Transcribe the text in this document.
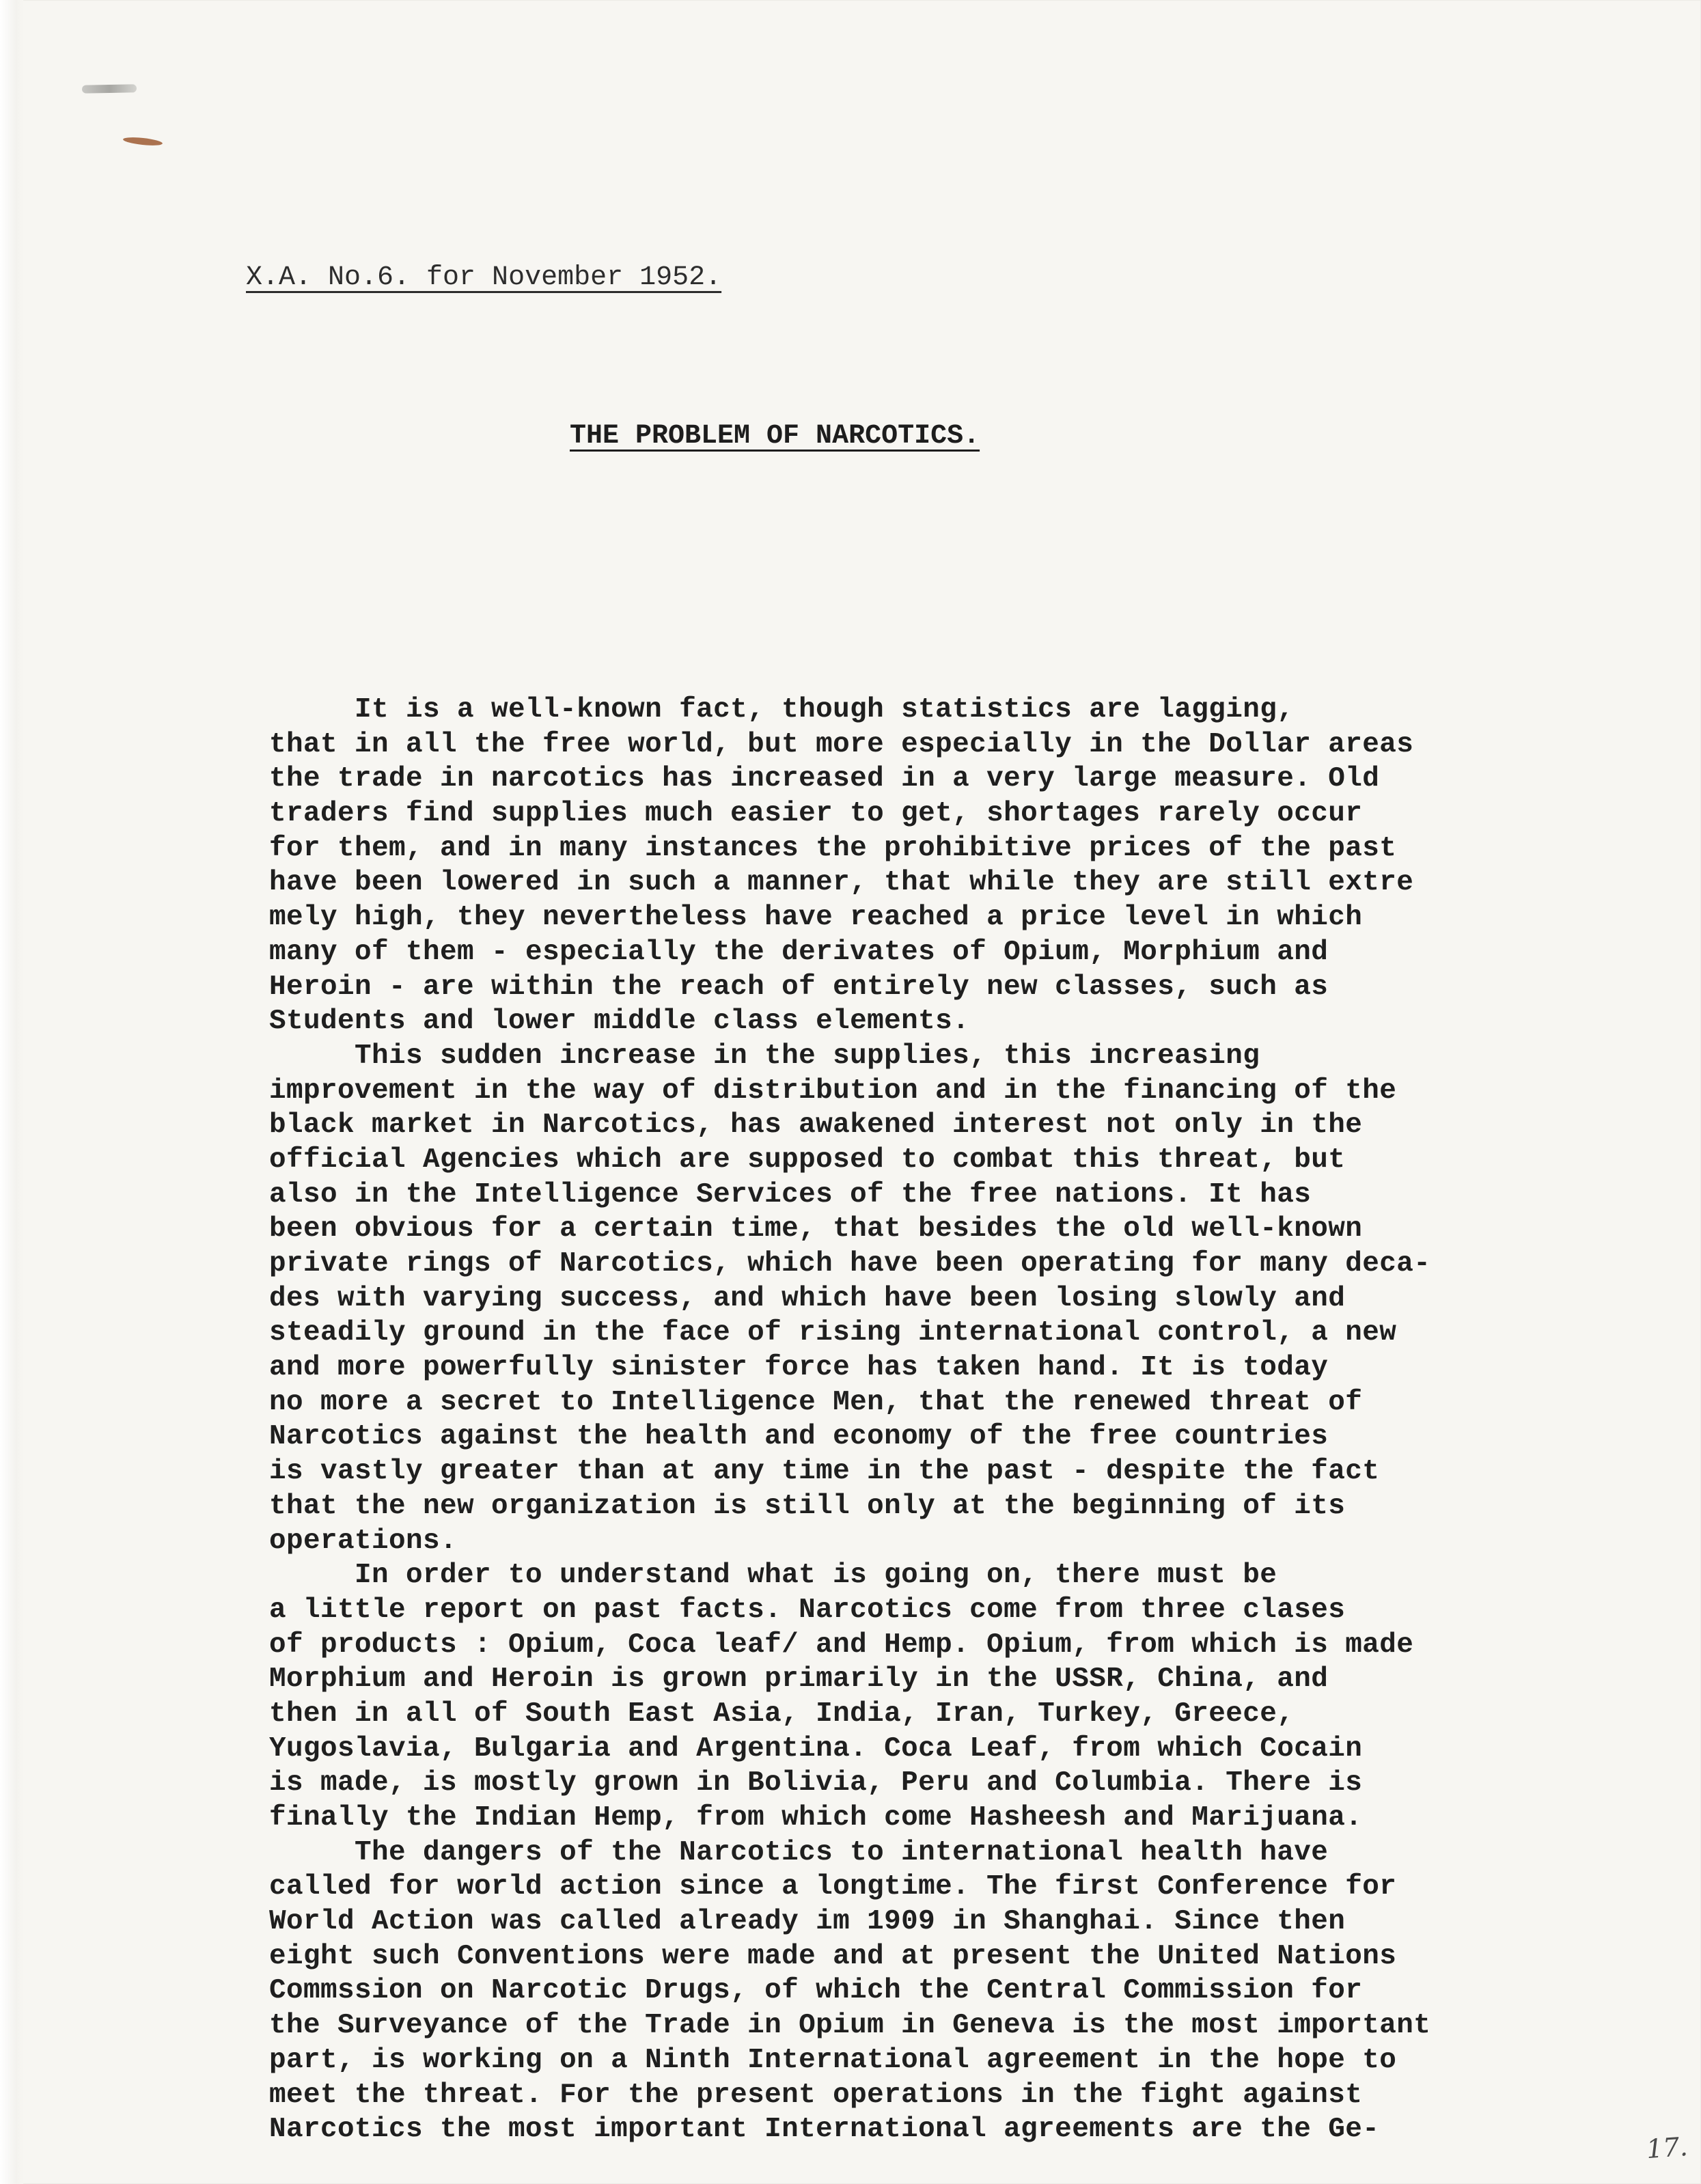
X.A. No.6. for November 1952.

THE PROBLEM OF NARCOTICS.

It is a well-known fact, though statistics are lagging,
that in all the free world, but more especially in the Dollar areas
the trade in narcotics has increased in a very large measure. Old
traders find supplies much easier to get, shortages rarely occur
for them, and in many instances the prohibitive prices of the past
have been lowered in such a manner, that while they are still extre
mely high, they nevertheless have reached a price level in which
many of them - especially the derivates of Opium, Morphium and
Heroin - are within the reach of entirely new classes, such as
Students and lower middle class elements.
This sudden increase in the supplies, this increasing
improvement in the way of distribution and in the financing of the
black market in Narcotics, has awakened interest not only in the
official Agencies which are supposed to combat this threat, but
also in the Intelligence Services of the free nations. It has
been obvious for a certain time, that besides the old well-known
private rings of Narcotics, which have been operating for many deca-
des with varying success, and which have been losing slowly and
steadily ground in the face of rising international control, a new
and more powerfully sinister force has taken hand. It is today
no more a secret to Intelligence Men, that the renewed threat of
Narcotics against the health and economy of the free countries
is vastly greater than at any time in the past - despite the fact
that the new organization is still only at the beginning of its
operations.
In order to understand what is going on, there must be
a little report on past facts. Narcotics come from three clases
of products : Opium, Coca leaf/ and Hemp. Opium, from which is made
Morphium and Heroin is grown primarily in the USSR, China, and
then in all of South East Asia, India, Iran, Turkey, Greece,
Yugoslavia, Bulgaria and Argentina. Coca Leaf, from which Cocain
is made, is mostly grown in Bolivia, Peru and Columbia. There is
finally the Indian Hemp, from which come Hasheesh and Marijuana.
The dangers of the Narcotics to international health have
called for world action since a longtime. The first Conference for
World Action was called already im 1909 in Shanghai. Since then
eight such Conventions were made and at present the United Nations
Commssion on Narcotic Drugs, of which the Central Commission for
the Surveyance of the Trade in Opium in Geneva is the most important
part, is working on a Ninth International agreement in the hope to
meet the threat. For the present operations in the fight against
Narcotics the most important International agreements are the Ge-

17.
